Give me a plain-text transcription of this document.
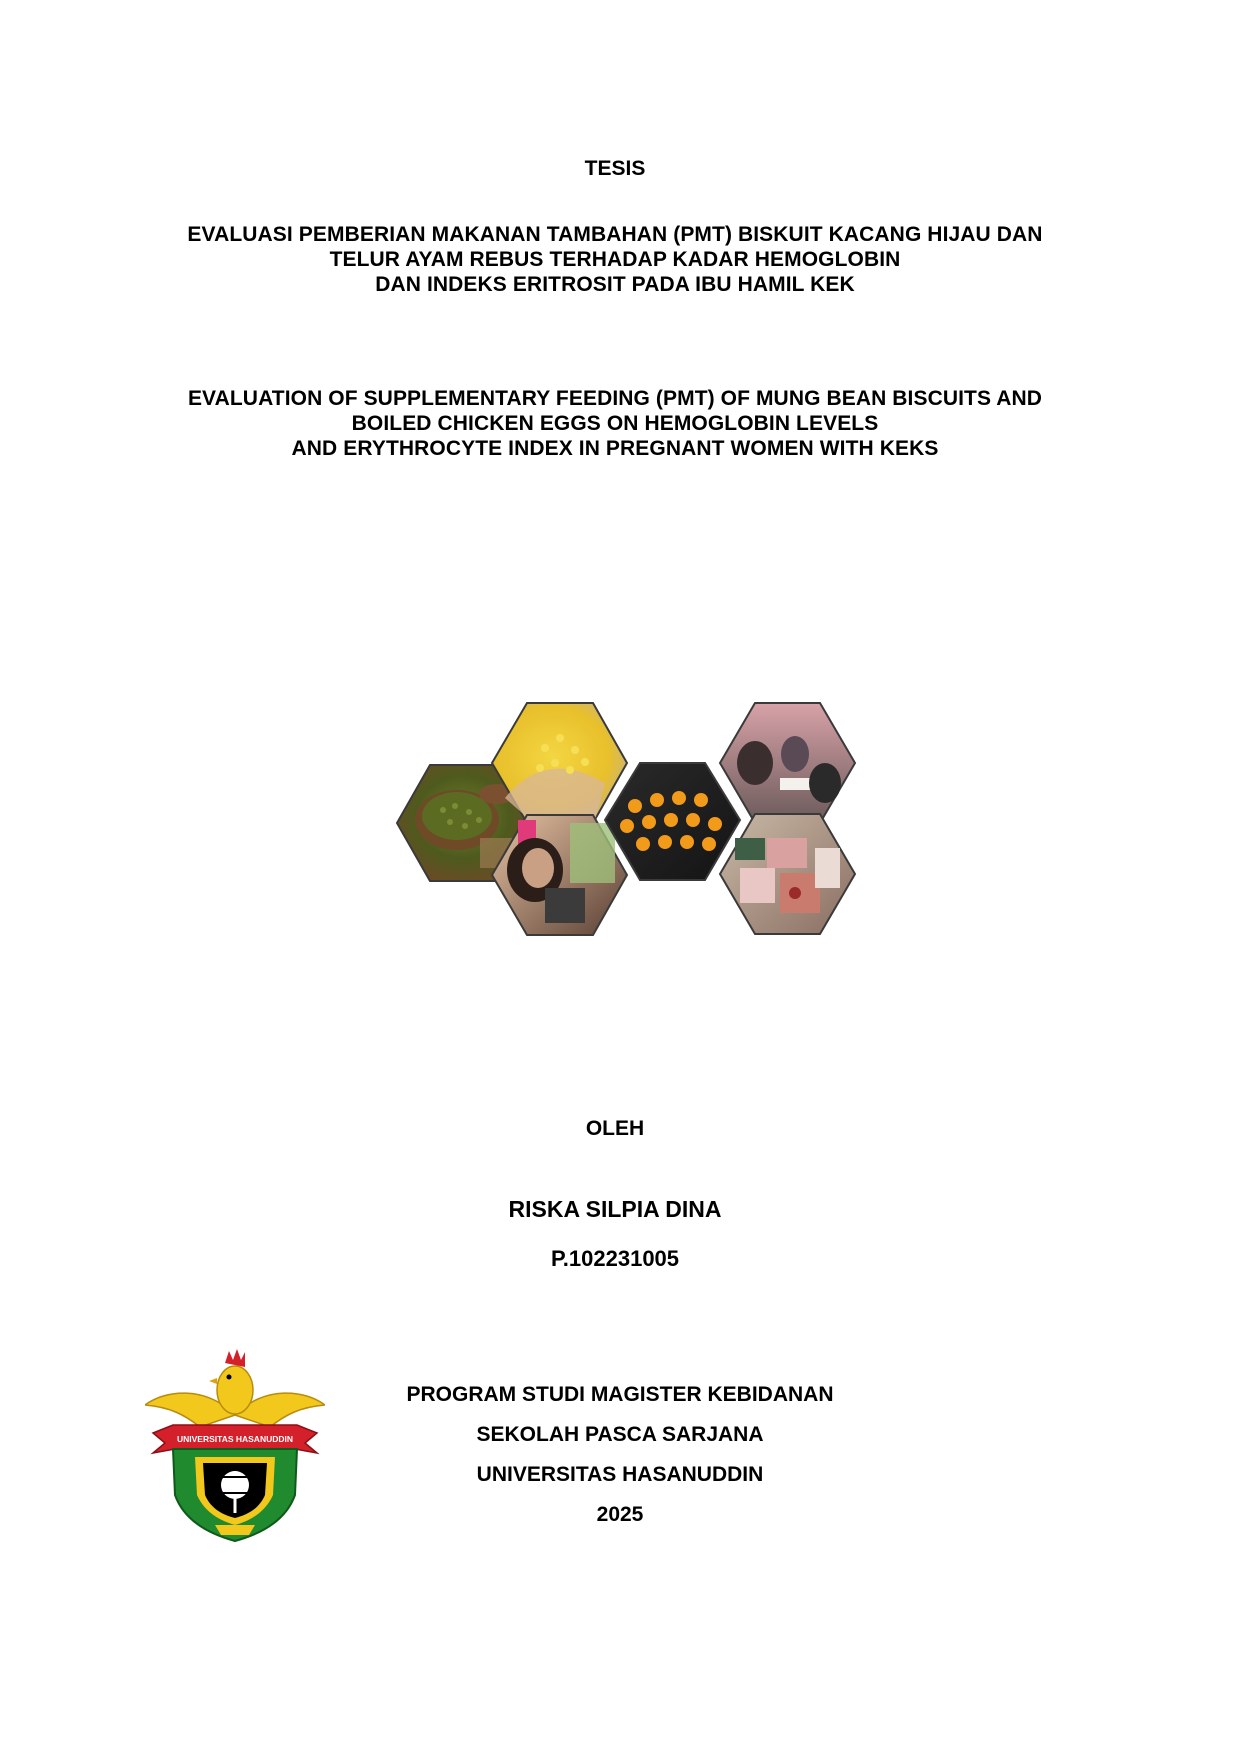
TESIS
EVALUASI PEMBERIAN MAKANAN TAMBAHAN (PMT) BISKUIT KACANG HIJAU DAN
TELUR AYAM REBUS TERHADAP KADAR HEMOGLOBIN
DAN INDEKS ERITROSIT PADA IBU HAMIL KEK
EVALUATION OF SUPPLEMENTARY FEEDING (PMT) OF MUNG BEAN BISCUITS AND
BOILED CHICKEN EGGS ON HEMOGLOBIN LEVELS
AND ERYTHROCYTE INDEX IN PREGNANT WOMEN WITH KEKS
OLEH
RISKA SILPIA DINA
P.102231005
UNIVERSITAS HASANUDDIN
PROGRAM STUDI MAGISTER KEBIDANAN
SEKOLAH PASCA SARJANA
UNIVERSITAS HASANUDDIN
2025
